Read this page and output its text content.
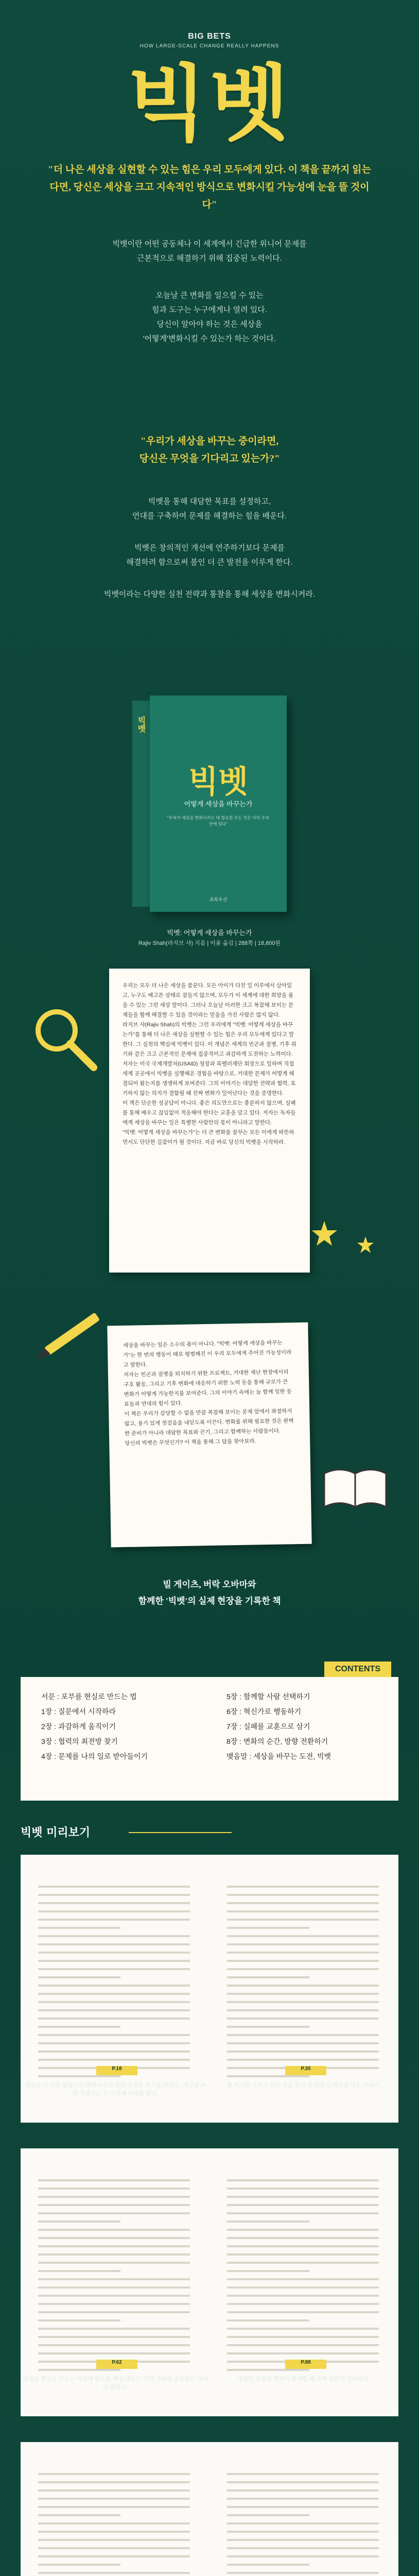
BIG BETS
HOW LARGE-SCALE CHANGE REALLY HAPPENS
빅벳
"더 나은 세상을 실현할 수 있는 힘은 우리 모두에게 있다. 이 책을 끝까지 읽는다면, 당신은 세상을 크고 지속적인 방식으로 변화시킬 가능성에 눈을 뜰 것이다"
빅벳이란 어떤 공동체나 이 세계에서 긴급한 위니어 문제를
근본적으로 해결하기 위해 집중된 노력이다.
오늘날 큰 변화를 일으킬 수 있는
힘과 도구는 누구에게나 열려 있다.
당신이 알아야 하는 것은 세상을
'어떻게'변화시킬 수 있는가 하는 것이다.
"우리가 세상을 바꾸는 중이라면,
당신은 무엇을 기다리고 있는가?"
빅벳을 통해 대담한 목표를 설정하고,
연대를 구축하여 문제를 해결하는 힘을 배운다.
빅벳은 창의적인 개선에 연주하기보다 문제를
해결하려 함으로써 불인 더 큰 발전을 이루게 한다.
빅벳이라는 다양한 실천 전략과 통찰을 통해 세상을 변화시켜라.
빅벳
빅벳
어떻게 세상을 바꾸는가
"우리가 세상을 변화시키는 데 필요한 모든 것은 이미 우리 안에 있다"
초록우산
빅벳: 어떻게 세상을 바꾸는가
Rajiv Shah(라지브 샤) 지음 | 이윤 옮김 | 288쪽 | 18,800원
우리는 모두 더 나은 세상을 꿈꾼다. 모든 아이가 다친 일 이루에서 살아있고, 누구도 배고픈 상태로 잠들지 않으며, 모두가 이 세계에 대한 희망을 품을 수 있는 그런 세상 말이다. 그러나 오늘날 이러한 크고 복잡해 보이는 문제들을 함께 해결할 수 있을 것이라는 믿음을 가진 사람은 많지 않다.
라지브 샤(Rajiv Shah)의 빅벳는 그런 우리에게 "빅벳: 어떻게 세상을 바꾸는가"를 통해 더 나은 세상을 실현할 수 있는 힘은 우리 모두에게 있다고 말한다. 그 실천의 핵심에 빅벳이 있다. 이 개념은 세계의 빈곤과 질병, 기후 위기와 같은 크고 근본적인 문제에 집중적이고 과감하게 도전하는 노력이다.
저자는 미국 국제개발처(USAID) 청장과 록펠러재단 회장으로 일하며 직접 세계 곳곳에서 빅벳을 실행해온 경험을 바탕으로, 거대한 문제가 어떻게 해결되어 왔는지를 생생하게 보여준다. 그의 이야기는 대담한 전략과 협력, 포기하지 않는 의지가 결합될 때 진짜 변화가 일어난다는 것을 증명한다.
이 책은 단순한 성공담이 아니다. 좋은 의도만으로는 충분하지 않으며, 실패를 통해 배우고 끊임없이 적응해야 한다는 교훈을 담고 있다. 저자는 독자들에게 세상을 바꾸는 일은 특별한 사람만의 몫이 아니라고 말한다.
"빅벳: 어떻게 세상을 바꾸는가"는 더 큰 변화를 꿈꾸는 모든 이에게 따뜻하면서도 단단한 길잡이가 될 것이다. 지금 바로 당신의 빅벳을 시작하라.
세상을 바꾸는 일은 소수의 몫이 아니다. "빅벳: 어떻게 세상을 바꾸는가"는 한 번의 행동이 때로 평범해진 이 우리 모두에게 주어진 가능성이라고 말한다.
저자는 빈곤과 질병을 퇴치하기 위한 프로젝트, 거대한 재난 현장에서의 구호 활동, 그리고 기후 변화에 대응하기 위한 노력 등을 통해 규모가 큰 변화가 어떻게 가능한지를 보여준다. 그의 이야기 속에는 늘 함께 일한 동료들과 연대의 힘이 있다.
이 책은 우리가 감당할 수 없을 만큼 복잡해 보이는 문제 앞에서 좌절하지 않고, 용기 있게 첫걸음을 내딛도록 이끈다. 변화를 위해 필요한 것은 완벽한 준비가 아니라 대담한 목표와 끈기, 그리고 함께하는 사람들이다.
당신의 빅벳은 무엇인가? 이 책을 통해 그 답을 찾아보라.
빌 게이츠, 버락 오바마와
함께한 '빅벳'의 실제 현장을 기록한 책
CONTENTS
서문 : 포부를 현실로 만드는 법
1장 : 질문에서 시작하라
2장 : 과감하게 움직이기
3장 : 협력의 최전방 찾기
4장 : 문제를 나의 일로 받아들이기
5장 : 함께할 사람 선택하기
6장 : 혁신가로 행동하기
7장 : 실패를 교훈으로 삼기
8장 : 변화의 순간, 방향 전환하기
맺음말 : 세상을 바꾸는 도전, 빅벳
빅벳 미리보기
P.18	P.35
세상을 더 나은 방향으로 변화시키기 위해 당장은 포기를 하라고, 세상을 바꿔 가겠다는 긴 여정에 지혜를 한다.
할 의지를 가지고 있는 것을 보고 큰 변화의 핵심을 세운 이야기.
P.62	P.88
빅벳을 현실로 만드는 여정에 필요한 핵심 태도는 기업 가치와 공감하는 것이라 말한다.
대담한 목표와 협력이 함께할 때 진짜 변화가 일어난다.
